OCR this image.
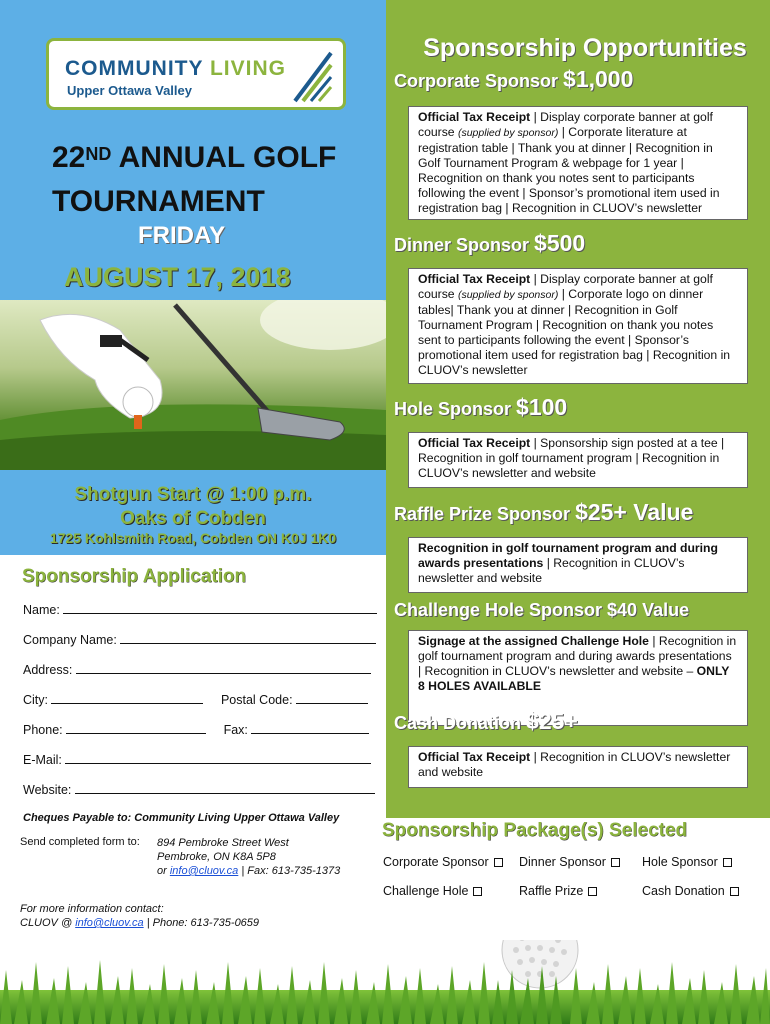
COMMUNITY LIVING
Upper Ottawa Valley
22ND ANNUAL GOLF
TOURNAMENT
FRIDAY
AUGUST 17, 2018
Shotgun Start @ 1:00 p.m.
Oaks of Cobden
1725 Kohlsmith Road, Cobden ON K0J 1K0
Sponsorship Application
Name:
Company Name:
Address:
City:	Postal Code:
Phone:	Fax:
E-Mail:
Website:
Cheques Payable to: Community Living Upper Ottawa Valley
Send completed form to: 894 Pembroke Street West
Pembroke, ON K8A 5P8
or info@cluov.ca | Fax: 613-735-1373
For more information contact:
CLUOV @ info@cluov.ca | Phone: 613-735-0659
Sponsorship Opportunities
Corporate Sponsor $1,000
Official Tax Receipt | Display corporate banner at golf course (supplied by sponsor) | Corporate literature at registration table | Thank you at dinner | Recognition in Golf Tournament Program & webpage for 1 year | Recognition on thank you notes sent to participants following the event | Sponsor’s promotional item used in registration bag | Recognition in CLUOV’s newsletter
Dinner Sponsor $500
Official Tax Receipt | Display corporate banner at golf course (supplied by sponsor) | Corporate logo on dinner tables| Thank you at dinner | Recognition in Golf Tournament Program | Recognition on thank you notes sent to participants following the event | Sponsor’s promotional item used for registration bag | Recognition in CLUOV’s newsletter
Hole Sponsor $100
Official Tax Receipt | Sponsorship sign posted at a tee | Recognition in golf tournament program | Recognition in CLUOV’s newsletter and website
Raffle Prize Sponsor $25+ Value
Recognition in golf tournament program and during awards presentations | Recognition in CLUOV’s newsletter and website
Challenge Hole Sponsor $40 Value
Signage at the assigned Challenge Hole | Recognition in golf tournament program and during awards presentations | Recognition in CLUOV’s newsletter and website – ONLY 8 HOLES AVAILABLE
Cash Donation $25+
Official Tax Receipt | Recognition in CLUOV’s newsletter and website
Sponsorship Package(s) Selected
Corporate Sponsor	Dinner Sponsor	Hole Sponsor
Challenge Hole	Raffle Prize	Cash Donation
